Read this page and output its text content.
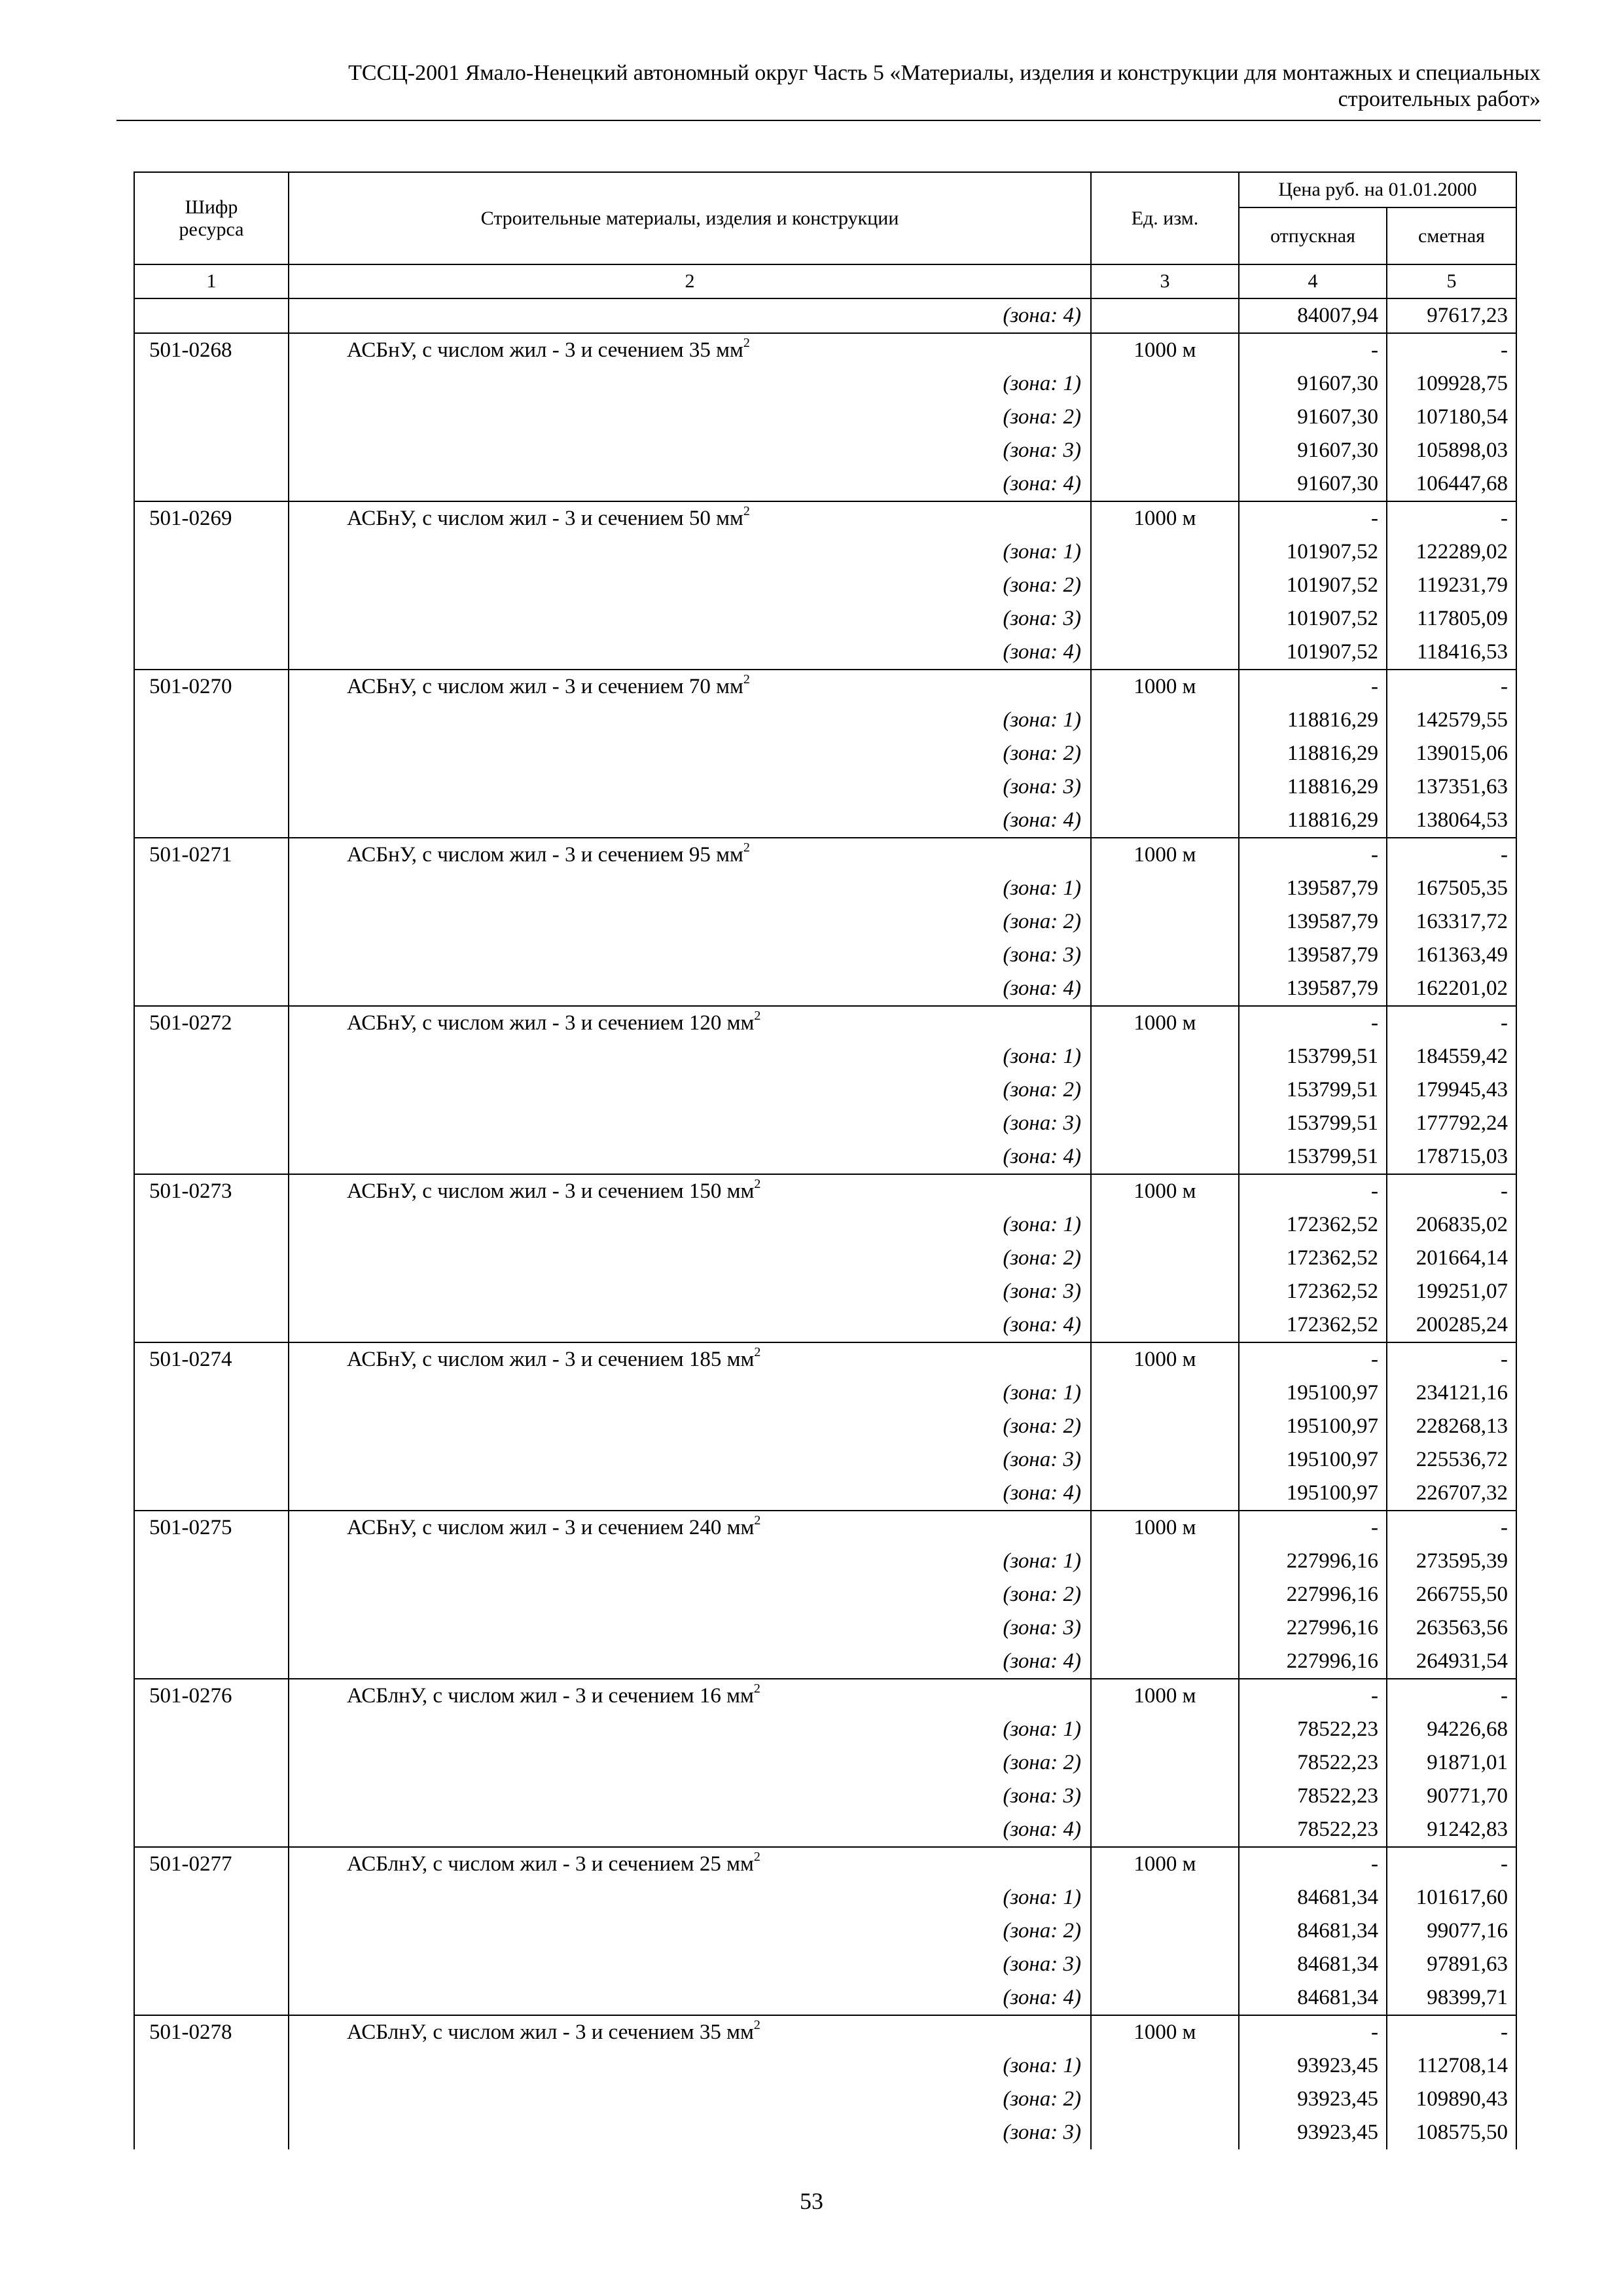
ТССЦ-2001 Ямало-Ненецкий автономный округ Часть 5 «Материалы, изделия и конструкции для монтажных и специальных
строительных работ»
Шифр ресурса	Строительные материалы, изделия и конструкции	Ед. изм.	Цена руб. на 01.01.2000	
			отпускная	сметная
1	2	3	4	5
	(зона: 4)		84007,94	97617,23
501-0268	АСБнУ, с числом жил - 3 и сечением 35 $мм^2$	1000 м	-	-
	(зона: 1)		91607,30	109928,75
	(зона: 2)		91607,30	107180,54
	(зона: 3)		91607,30	105898,03
	(зона: 4)		91607,30	106447,68
501-0269	АСБнУ, с числом жил - 3 и сечением 50 $мм^2$	1000 м	-	-
	(зона: 1)		101907,52	122289,02
	(зона: 2)		101907,52	119231,79
	(зона: 3)		101907,52	117805,09
	(зона: 4)		101907,52	118416,53
501-0270	АСБнУ, с числом жил - 3 и сечением 70 $мм^2$	1000 м	-	-
	(зона: 1)		118816,29	142579,55
	(зона: 2)		118816,29	139015,06
	(зона: 3)		118816,29	137351,63
	(зона: 4)		118816,29	138064,53
501-0271	АСБнУ, с числом жил - 3 и сечением 95 $мм^2$	1000 м	-	-
	(зона: 1)		139587,79	167505,35
	(зона: 2)		139587,79	163317,72
	(зона: 3)		139587,79	161363,49
	(зона: 4)		139587,79	162201,02
501-0272	АСБнУ, с числом жил - 3 и сечением 120 $мм^2$	1000 м	-	-
	(зона: 1)		153799,51	184559,42
	(зона: 2)		153799,51	179945,43
	(зона: 3)		153799,51	177792,24
	(зона: 4)		153799,51	178715,03
501-0273	АСБнУ, с числом жил - 3 и сечением 150 $мм^2$	1000 м	-	-
	(зона: 1)		172362,52	206835,02
	(зона: 2)		172362,52	201664,14
	(зона: 3)		172362,52	199251,07
	(зона: 4)		172362,52	200285,24
501-0274	АСБнУ, с числом жил - 3 и сечением 185 $мм^2$	1000 м	-	-
	(зона: 1)		195100,97	234121,16
	(зона: 2)		195100,97	228268,13
	(зона: 3)		195100,97	225536,72
	(зона: 4)		195100,97	226707,32
501-0275	АСБнУ, с числом жил - 3 и сечением 240 $мм^2$	1000 м	-	-
	(зона: 1)		227996,16	273595,39
	(зона: 2)		227996,16	266755,50
	(зона: 3)		227996,16	263563,56
	(зона: 4)		227996,16	264931,54
501-0276	АСБлнУ, с числом жил - 3 и сечением 16 $мм^2$	1000 м	-	-
	(зона: 1)		78522,23	94226,68
	(зона: 2)		78522,23	91871,01
	(зона: 3)		78522,23	90771,70
	(зона: 4)		78522,23	91242,83
501-0277	АСБлнУ, с числом жил - 3 и сечением 25 $мм^2$	1000 м	-	-
	(зона: 1)		84681,34	101617,60
	(зона: 2)		84681,34	99077,16
	(зона: 3)		84681,34	97891,63
	(зона: 4)		84681,34	98399,71
501-0278	АСБлнУ, с числом жил - 3 и сечением 35 $мм^2$	1000 м	-	-
	(зона: 1)		93923,45	112708,14
	(зона: 2)		93923,45	109890,43
	(зона: 3)		93923,45	108575,50
53
